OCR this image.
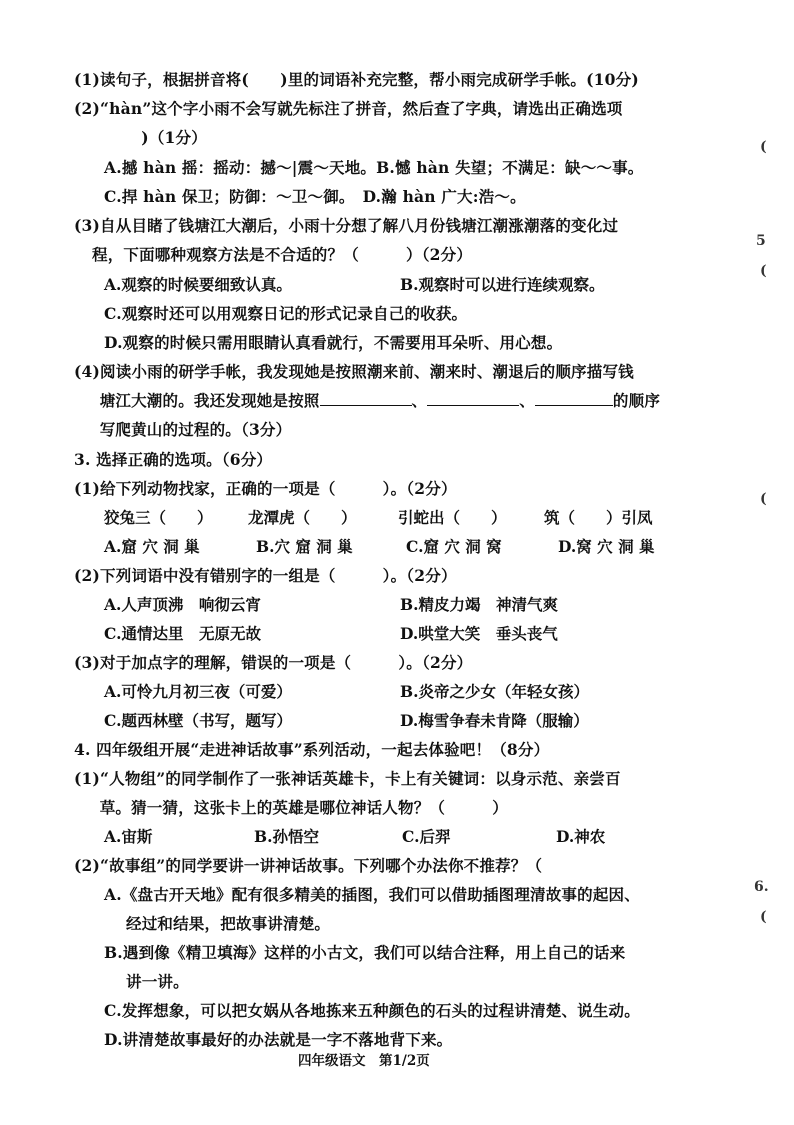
(1)读句子，根据拼音将(　　)里的词语补充完整，帮小雨完成研学手帐。(10分)
(2)“hàn”这个字小雨不会写就先标注了拼音，然后查了字典，请选出正确选项
　 )（1分）
A.撼 hàn 摇：摇动：撼～|震～天地。B.憾 hàn 失望；不满足：缺～～事。
C.捍 hàn 保卫；防御：～卫～御。　D.瀚 hàn 广大:浩～。
(3)自从目睹了钱塘江大潮后，小雨十分想了解八月份钱塘江潮涨潮落的变化过
程，下面哪种观察方法是不合适的？（　　　）（2分）
A.观察的时候要细致认真。	B.观察时可以进行连续观察。
C.观察时还可以用观察日记的形式记录自己的收获。
D.观察的时候只需用眼睛认真看就行，不需要用耳朵听、用心想。
(4)阅读小雨的研学手帐，我发现她是按照潮来前、潮来时、潮退后的顺序描写钱
　塘江大潮的。我还发现她是按照	、	、	的顺序
　写爬黄山的过程的。（3分）
3. 选择正确的选项。（6分）
(1)给下列动物找家，正确的一项是（　　　）。（2分）
狡兔三（　　） 龙潭虎（　　）	引蛇出（　　） 筑（　　）引凤
A.窟 穴 洞 巢	B.穴 窟 洞 巢	C.窟 穴 洞 窝	D.窝 穴 洞 巢
(2)下列词语中没有错别字的一组是（　　　）。（2分）
A.人声顶沸　响彻云宵	B.精皮力竭　神清气爽
C.通情达里　无原无故	D.哄堂大笑　垂头丧气
(3)对于加点字的理解，错误的一项是（　　　）。（2分）
A.可怜九月初三夜（可爱）	B.炎帝之少女（年轻女孩）
C.题西林壁（书写，题写）	D.梅雪争春未肯降（服输）
4. 四年级组开展“走进神话故事”系列活动，一起去体验吧！（8分）
(1)“人物组”的同学制作了一张神话英雄卡，卡上有关键词：以身示范、亲尝百
　草。猜一猜，这张卡上的英雄是哪位神话人物？（　　　）
A.宙斯	B.孙悟空	C.后羿	D.神农
(2)“故事组”的同学要讲一讲神话故事。下列哪个办法你不推荐？（
A.《盘古开天地》配有很多精美的插图，我们可以借助插图理清故事的起因、
经过和结果，把故事讲清楚。
B.遇到像《精卫填海》这样的小古文，我们可以结合注释，用上自己的话来
讲一讲。
C.发挥想象，可以把女娲从各地拣来五种颜色的石头的过程讲清楚、说生动。
D.讲清楚故事最好的办法就是一字不落地背下来。
四年级语文　第1/2页
(
5
(
(
6.
(
